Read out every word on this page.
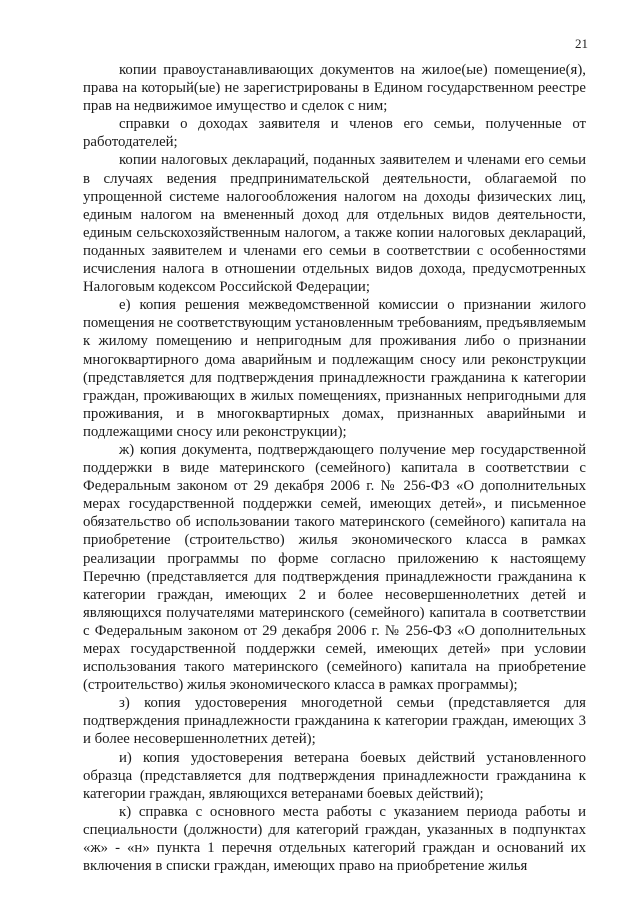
21

копии правоустанавливающих документов на жилое(ые) помещение(я), права на который(ые) не зарегистрированы в Едином государственном реестре прав на недвижимое имущество и сделок с ним;

справки о доходах заявителя и членов его семьи, полученные от работодателей;

копии налоговых деклараций, поданных заявителем и членами его семьи в случаях ведения предпринимательской деятельности, облагаемой по упрощенной системе налогообложения налогом на доходы физических лиц, единым налогом на вмененный доход для отдельных видов деятельности, единым сельскохозяйственным налогом, а также копии налоговых деклараций, поданных заявителем и членами его семьи в соответствии с особенностями исчисления налога в отношении отдельных видов дохода, предусмотренных Налоговым кодексом Российской Федерации;

е) копия решения межведомственной комиссии о признании жилого помещения не соответствующим установленным требованиям, предъявляемым к жилому помещению и непригодным для проживания либо о признании многоквартирного дома аварийным и подлежащим сносу или реконструкции (представляется для подтверждения принадлежности гражданина к категории граждан, проживающих в жилых помещениях, признанных непригодными для проживания, и в многоквартирных домах, признанных аварийными и подлежащими сносу или реконструкции);

ж) копия документа, подтверждающего получение мер государственной поддержки в виде материнского (семейного) капитала в соответствии с Федеральным законом от 29 декабря 2006 г. № 256-ФЗ «О дополнительных мерах государственной поддержки семей, имеющих детей», и письменное обязательство об использовании такого материнского (семейного) капитала на приобретение (строительство) жилья экономического класса в рамках реализации программы по форме согласно приложению к настоящему Перечню (представляется для подтверждения принадлежности гражданина к категории граждан, имеющих 2 и более несовершеннолетних детей и являющихся получателями материнского (семейного) капитала в соответствии с Федеральным законом от 29 декабря 2006 г. № 256-ФЗ «О дополнительных мерах государственной поддержки семей, имеющих детей» при условии использования такого материнского (семейного) капитала на приобретение (строительство) жилья экономического класса в рамках программы);

з) копия удостоверения многодетной семьи (представляется для подтверждения принадлежности гражданина к категории граждан, имеющих 3 и более несовершеннолетних детей);

и) копия удостоверения ветерана боевых действий установленного образца (представляется для подтверждения принадлежности гражданина к категории граждан, являющихся ветеранами боевых действий);

к) справка с основного места работы с указанием периода работы и специальности (должности) для категорий граждан, указанных в подпунктах «ж» - «н» пункта 1 перечня отдельных категорий граждан и оснований их включения в списки граждан, имеющих право на приобретение жилья
